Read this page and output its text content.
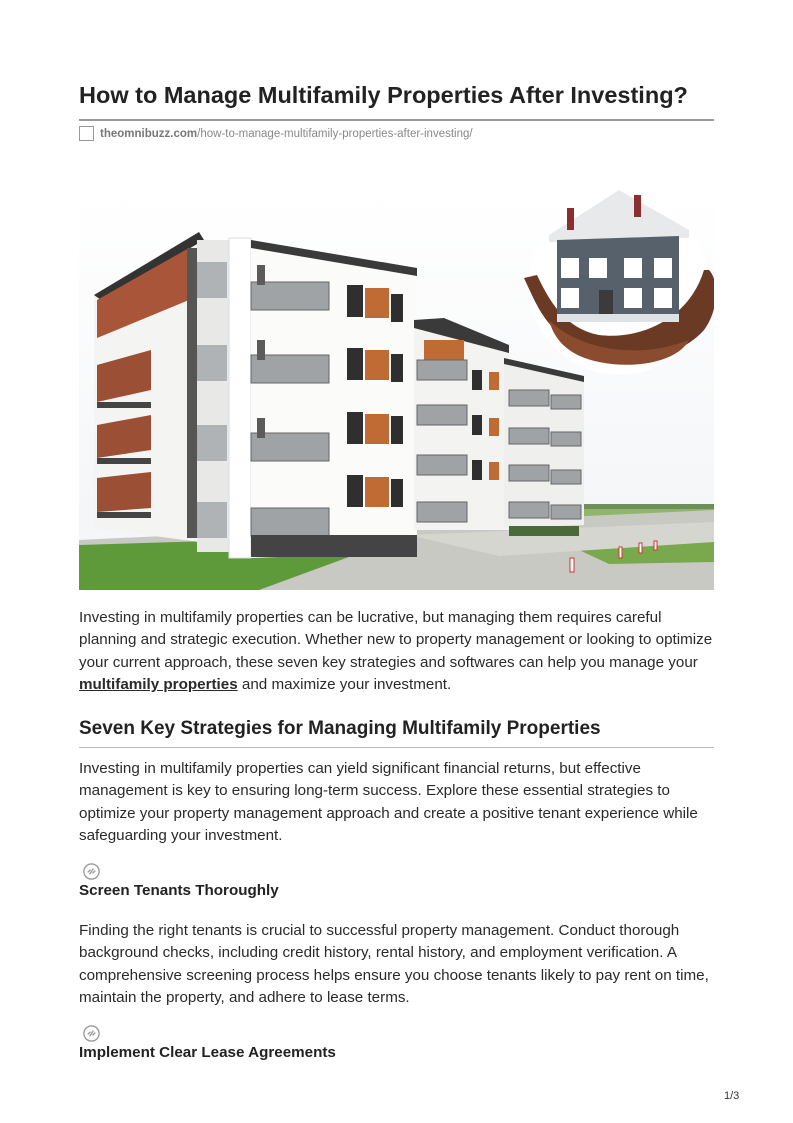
How to Manage Multifamily Properties After Investing?
theomnibuzz.com /how-to-manage-multifamily-properties-after-investing/

Investing in multifamily properties can be lucrative, but managing them requires careful planning and strategic execution. Whether new to property management or looking to optimize your current approach, these seven key strategies and softwares can help you manage your multifamily properties and maximize your investment.

Seven Key Strategies for Managing Multifamily Properties

Investing in multifamily properties can yield significant financial returns, but effective management is key to ensuring long-term success. Explore these essential strategies to optimize your property management approach and create a positive tenant experience while safeguarding your investment.

Screen Tenants Thoroughly

Finding the right tenants is crucial to successful property management. Conduct thorough background checks, including credit history, rental history, and employment verification. A comprehensive screening process helps ensure you choose tenants likely to pay rent on time, maintain the property, and adhere to lease terms.

Implement Clear Lease Agreements
1/3
